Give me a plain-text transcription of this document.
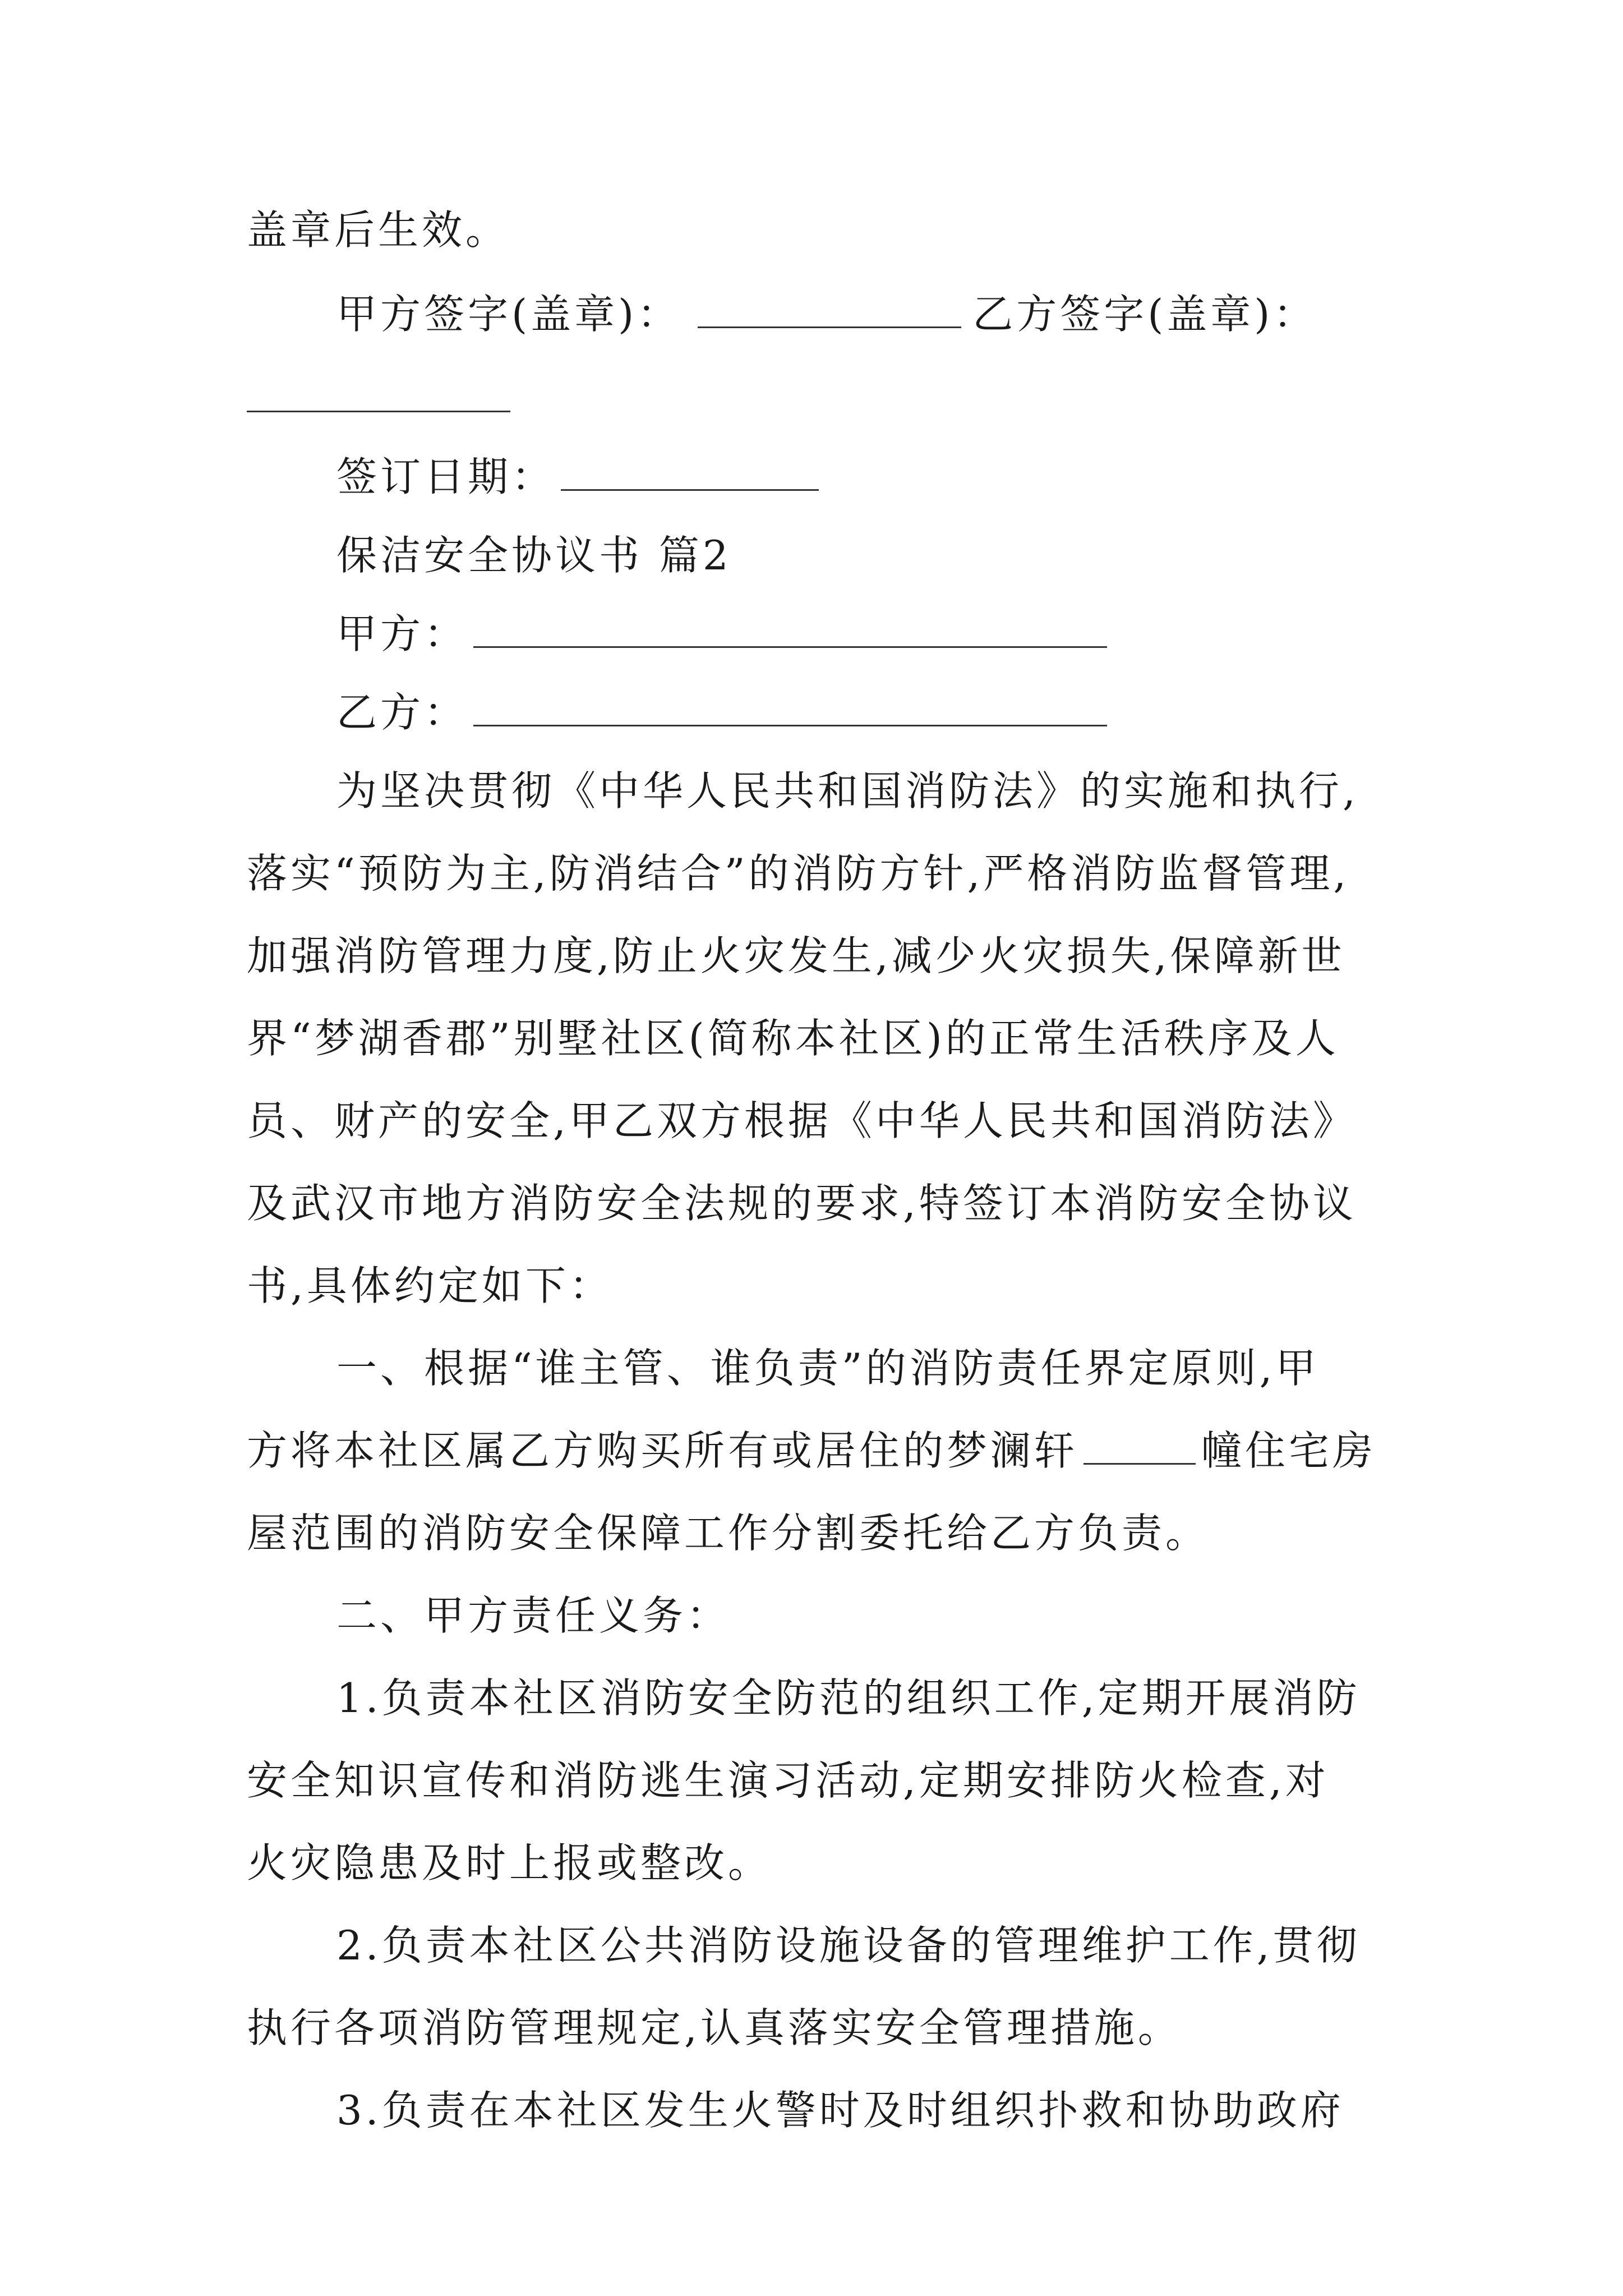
盖章后生效。
甲方签字(盖章)：	乙方签字(盖章)：
签订日期：
保洁安全协议书 篇2
甲方：
乙方：
为坚决贯彻《中华人民共和国消防法》的实施和执行,
落实“预防为主,防消结合”的消防方针,严格消防监督管理,
加强消防管理力度,防止火灾发生,减少火灾损失,保障新世
界“梦湖香郡”别墅社区(简称本社区)的正常生活秩序及人
员、财产的安全,甲乙双方根据《中华人民共和国消防法》
及武汉市地方消防安全法规的要求,特签订本消防安全协议
书,具体约定如下：
一、根据“谁主管、谁负责”的消防责任界定原则,甲
方将本社区属乙方购买所有或居住的梦澜轩	幢住宅房
屋范围的消防安全保障工作分割委托给乙方负责。
二、甲方责任义务：
1.负责本社区消防安全防范的组织工作,定期开展消防
安全知识宣传和消防逃生演习活动,定期安排防火检查,对
火灾隐患及时上报或整改。
2.负责本社区公共消防设施设备的管理维护工作,贯彻
执行各项消防管理规定,认真落实安全管理措施。
3.负责在本社区发生火警时及时组织扑救和协助政府
